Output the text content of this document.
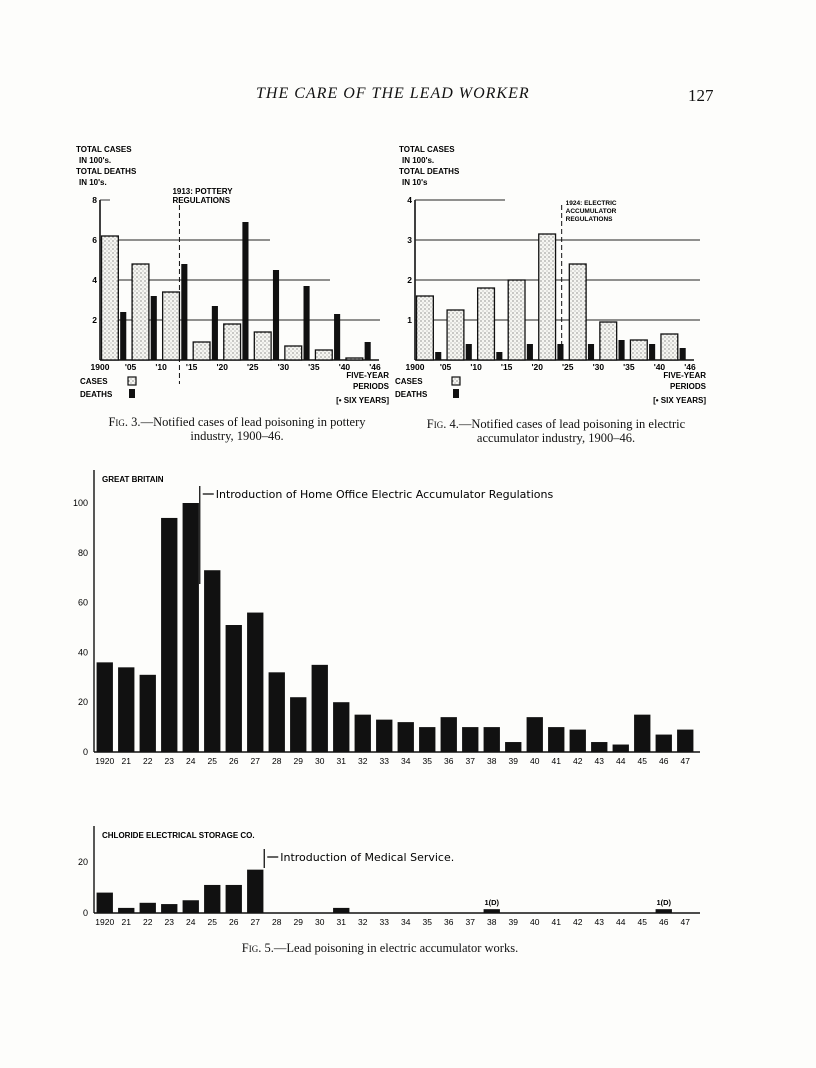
THE CARE OF THE LEAD WORKER	127
TOTAL CASES
IN 100's.
TOTAL DEATHS
IN 10's.
2
4
6
8
1900 '05 '10 '15 '20 '25 '30 '35 '40 '46
1913: POTTERY
REGULATIONS
CASES
DEATHS
FIVE-YEAR
PERIODS
[• SIX YEARS]
TOTAL CASES
IN 100's.
TOTAL DEATHS
IN 10's
1
2
3
4
1900 '05 '10 '15 '20 '25 '30 '35 '40 '46
1924: ELECTRIC
ACCUMULATOR
REGULATIONS
CASES
DEATHS
FIVE-YEAR
PERIODS
[• SIX YEARS]
GREAT BRITAIN
0
20
40
60
80
100
1920 21 22 23 24 25 26 27 28 29 30 31 32 33 34 35 36 37 38 39 40 41 42 43 44 45 46 47
Introduction of Home Office Electric Accumulator Regulations
CHLORIDE ELECTRICAL STORAGE CO.
0
20
1920 21 22 23 24 25 26 27 28 29 30 31 32 33 34 35 36 37 38 39 40 41 42 43 44 45 46 47
Introduction of Medical Service.
1(D)	1(D)
Fig. 3.—Notified cases of lead poisoning in pottery industry, 1900–46.
Fig. 4.—Notified cases of lead poisoning in electric accumulator industry, 1900–46.
Fig. 5.—Lead poisoning in electric accumulator works.
